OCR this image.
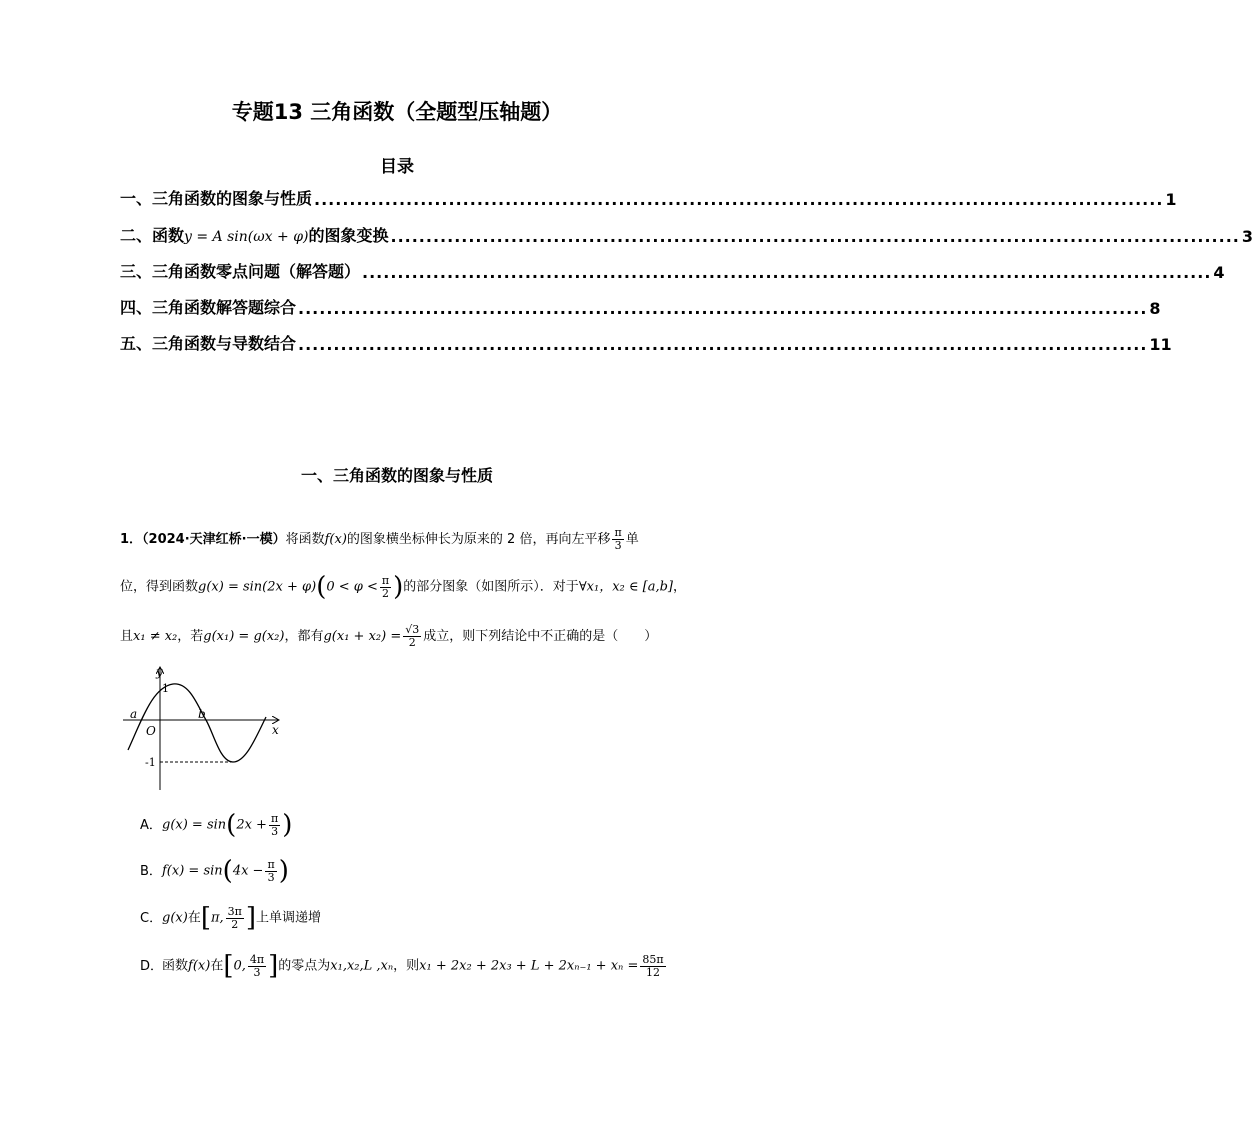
专题13 三角函数（全题型压轴题）
目录
一、三角函数的图象与性质 ........................................................................................................................ 1
二、函数y = A sin(ωx + φ)的图象变换 ........................................................................................................................ 3
三、三角函数零点问题（解答题） ........................................................................................................................ 4
四、三角函数解答题综合 ........................................................................................................................ 8
五、三角函数与导数结合 ........................................................................................................................ 11
一、三角函数的图象与性质
1．（2024·天津红桥·一模）将函数f(x)的图象横坐标伸长为原来的 2 倍，再向左平移 $\frac{\pi}{3}$ 单
位，得到函数$g(x) = \sin(2x + \varphi)(0 < \varphi < \frac{\pi}{2}$ )的部分图象（如图所示）．对于∀x₁，x₂ ∈ [a,b]，
且x₁ ≠ x₂，若g(x₁) = g(x₂)，都有$g(x_1 + x_2) = \frac{√3}{2}$ 成立，则下列结论中不正确的是（　　）
y
x
O
a	b
1
-1
A．$g(x) = \sin(2x + \frac{\pi}{3}$ )
B．$f(x) = \sin(4x - \frac{\pi}{3}$ )
C．g(x)在[π, $\frac{3\pi}{2}$ ]上单调递增
D．函数f(x)在[0, $\frac{4\pi}{3}$ ]的零点为x₁,x₂,L ,xₙ，则$x_1 + 2x_2 + 2x_3 + L + 2x_{n-1} + x_n = \frac{85\pi}{12}$
